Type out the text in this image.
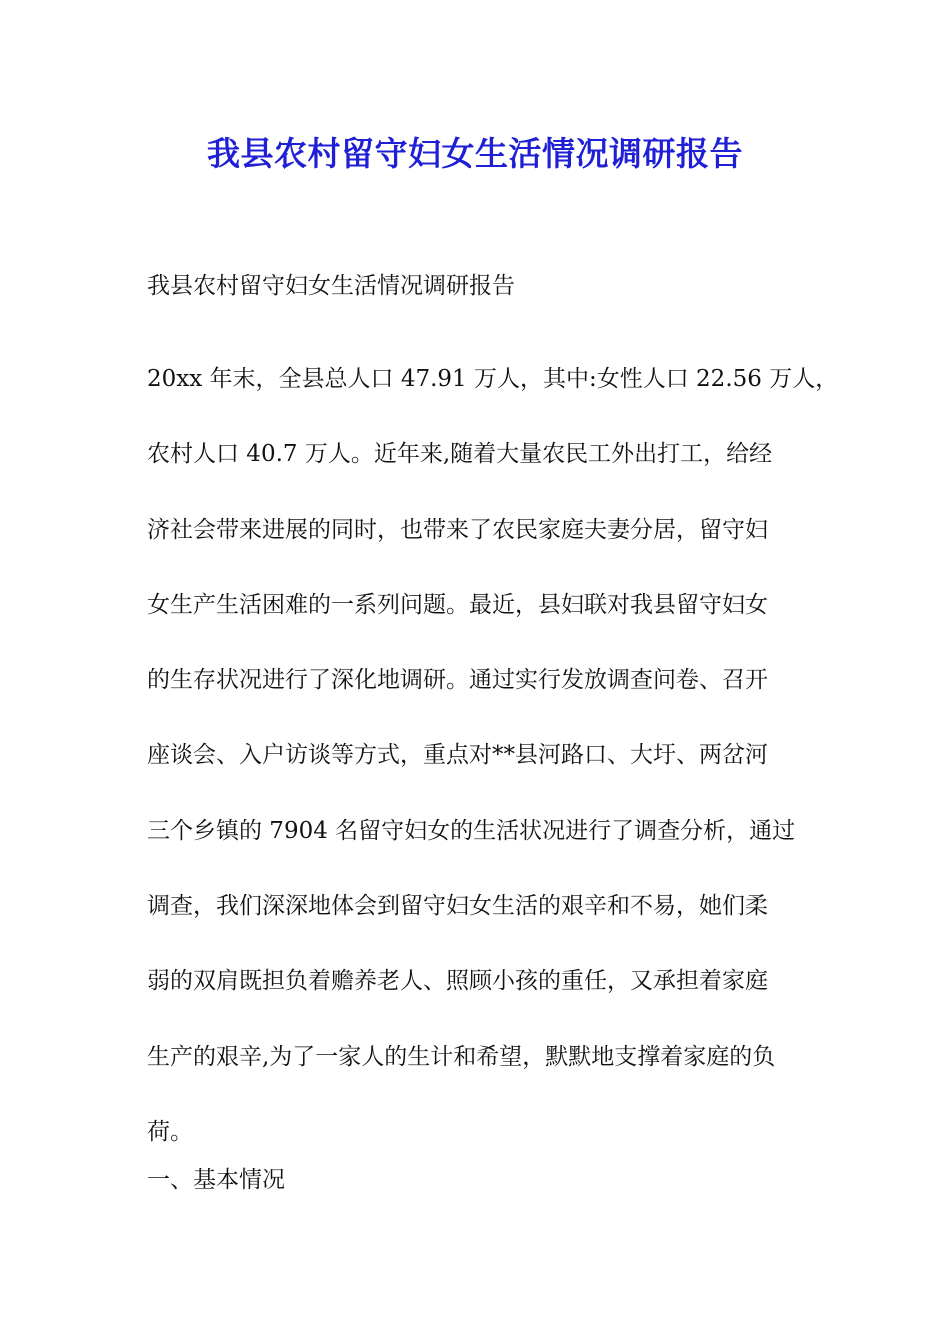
我县农村留守妇女生活情况调研报告

我县农村留守妇女生活情况调研报告

20xx 年末，全县总人口 47.91 万人，其中:女性人口 22.56 万人，
农村人口 40.7 万人。近年来,随着大量农民工外出打工，给经
济社会带来进展的同时，也带来了农民家庭夫妻分居，留守妇
女生产生活困难的一系列问题。最近，县妇联对我县留守妇女
的生存状况进行了深化地调研。通过实行发放调查问卷、召开
座谈会、入户访谈等方式，重点对**县河路口、大圩、两岔河
三个乡镇的 7904 名留守妇女的生活状况进行了调查分析，通过
调查，我们深深地体会到留守妇女生活的艰辛和不易，她们柔
弱的双肩既担负着赡养老人、照顾小孩的重任，又承担着家庭
生产的艰辛,为了一家人的生计和希望，默默地支撑着家庭的负
荷。

一、基本情况
